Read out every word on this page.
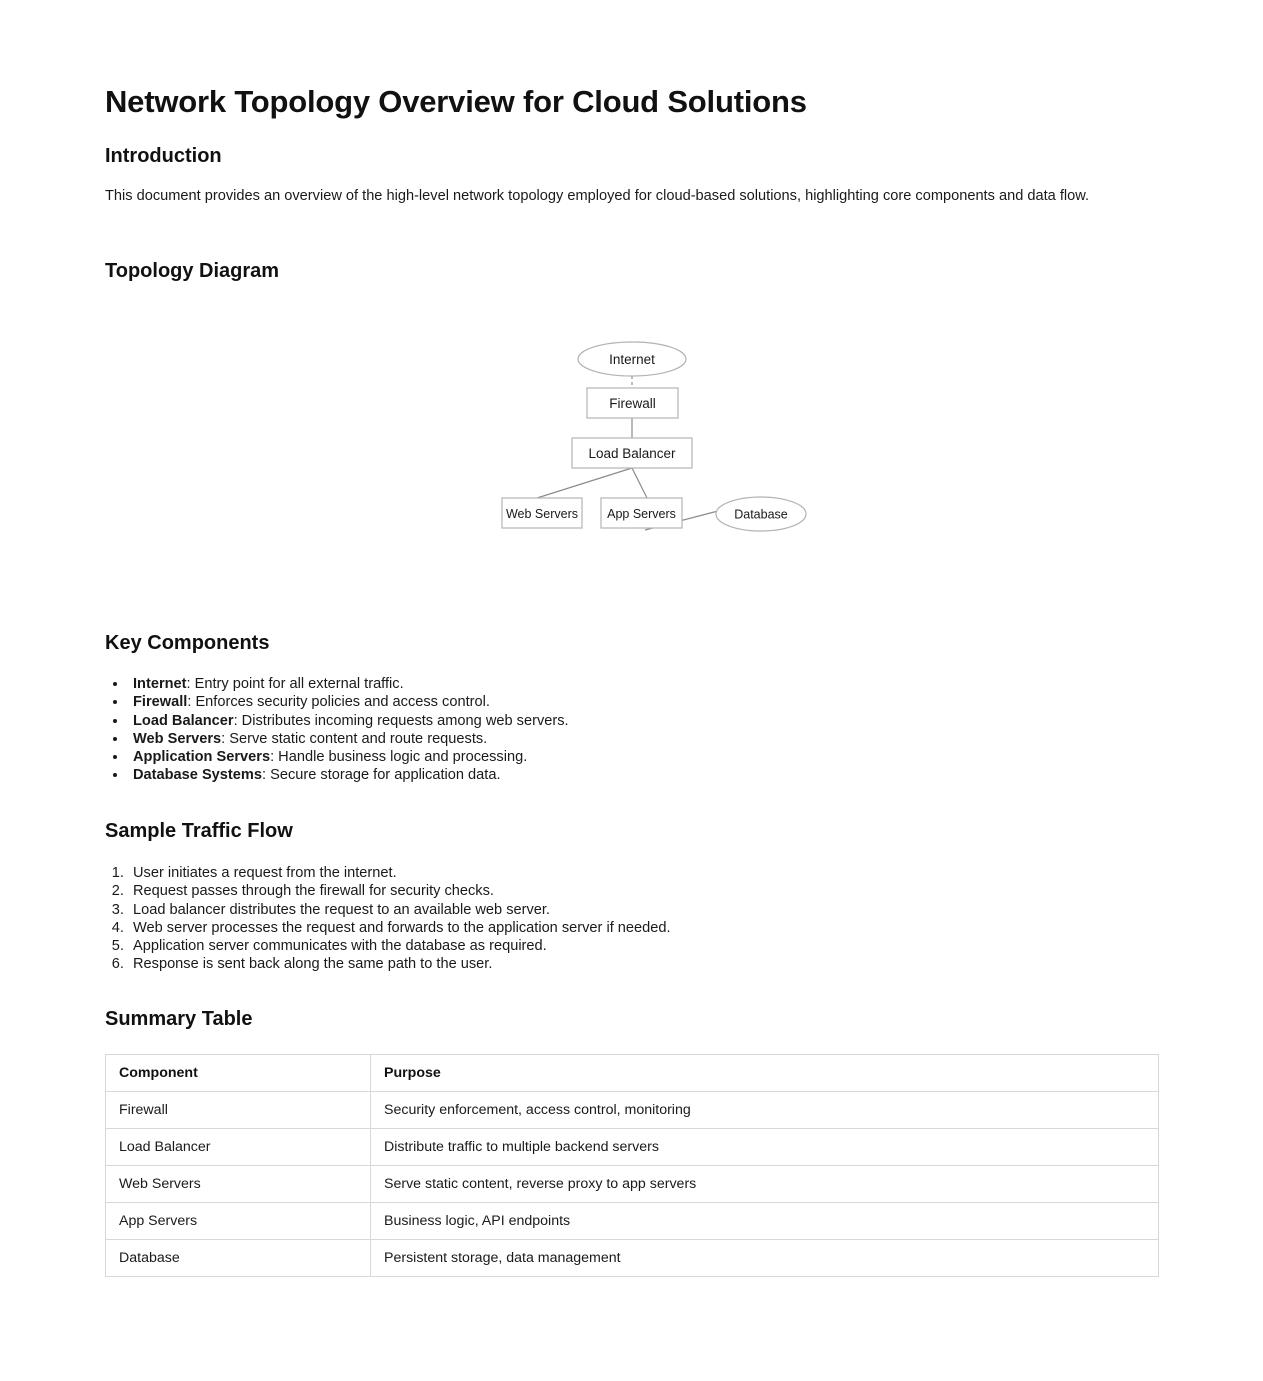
Network Topology Overview for Cloud Solutions
Introduction

This document provides an overview of the high-level network topology employed for cloud-based solutions, highlighting core components and data flow.

Topology Diagram
Internet
Firewall
Load Balancer
Web Servers App Servers	Database
Key Components
• Internet: Entry point for all external traffic.
• Firewall: Enforces security policies and access control.
• Load Balancer: Distributes incoming requests among web servers.
• Web Servers: Serve static content and route requests.
• Application Servers: Handle business logic and processing.
• Database Systems: Secure storage for application data.
Sample Traffic Flow
1. User initiates a request from the internet.
2. Request passes through the firewall for security checks.
3. Load balancer distributes the request to an available web server.
4. Web server processes the request and forwards to the application server if needed.
5. Application server communicates with the database as required.
6. Response is sent back along the same path to the user.
Summary Table
Component	Purpose
Firewall	Security enforcement, access control, monitoring
Load Balancer	Distribute traffic to multiple backend servers
Web Servers	Serve static content, reverse proxy to app servers
App Servers	Business logic, API endpoints
Database	Persistent storage, data management
